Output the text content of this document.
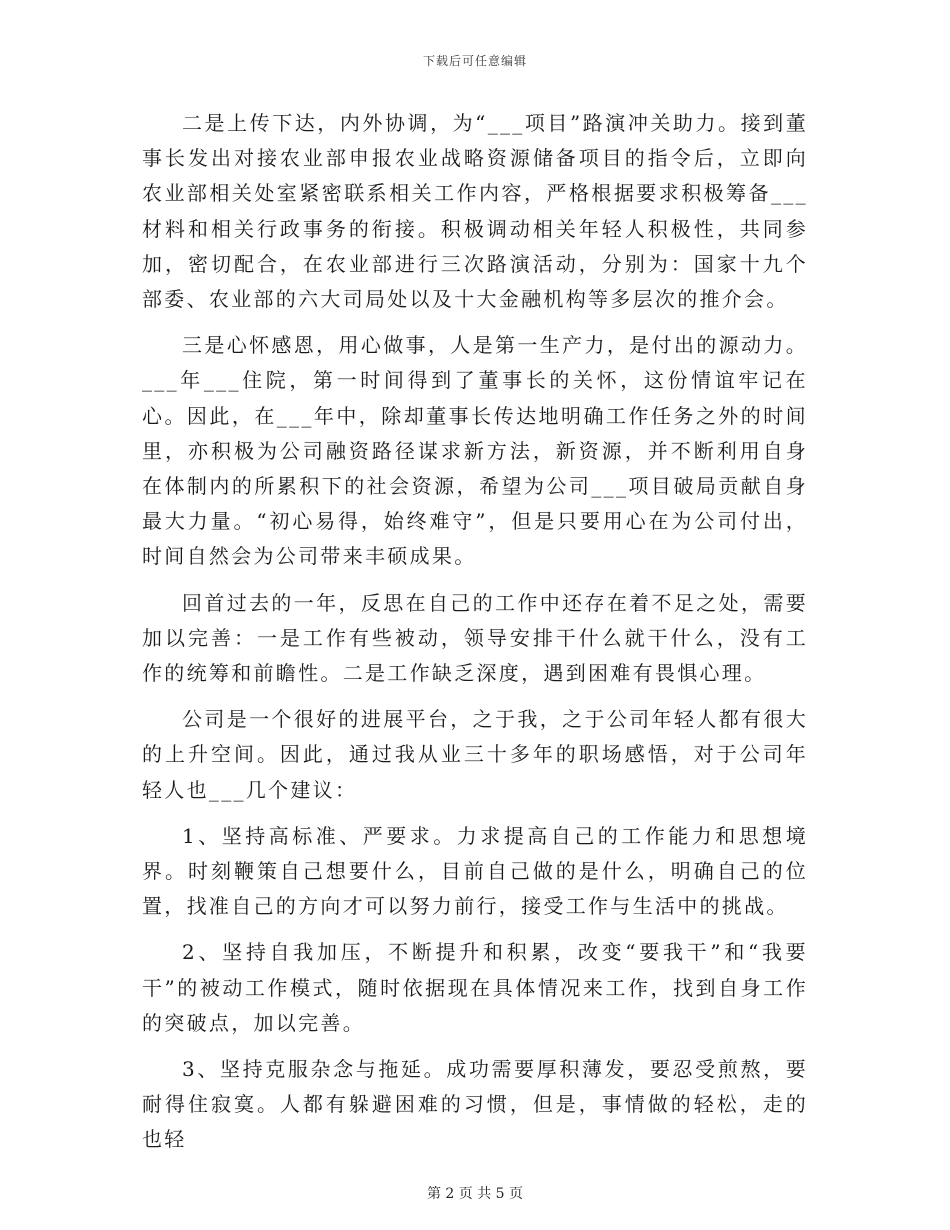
下载后可任意编辑

二是上传下达，内外协调，为“___项目”路演冲关助力。接到董事长发出对接农业部申报农业战略资源储备项目的指令后，立即向农业部相关处室紧密联系相关工作内容，严格根据要求积极筹备___材料和相关行政事务的衔接。积极调动相关年轻人积极性，共同参加，密切配合，在农业部进行三次路演活动，分别为：国家十九个部委、农业部的六大司局处以及十大金融机构等多层次的推介会。

三是心怀感恩，用心做事，人是第一生产力，是付出的源动力。___年___住院，第一时间得到了董事长的关怀，这份情谊牢记在心。因此，在___年中，除却董事长传达地明确工作任务之外的时间里，亦积极为公司融资路径谋求新方法，新资源，并不断利用自身在体制内的所累积下的社会资源，希望为公司___项目破局贡献自身最大力量。“初心易得，始终难守”，但是只要用心在为公司付出，时间自然会为公司带来丰硕成果。

回首过去的一年，反思在自己的工作中还存在着不足之处，需要加以完善：一是工作有些被动，领导安排干什么就干什么，没有工作的统筹和前瞻性。二是工作缺乏深度，遇到困难有畏惧心理。

公司是一个很好的进展平台，之于我，之于公司年轻人都有很大的上升空间。因此，通过我从业三十多年的职场感悟，对于公司年轻人也___几个建议：

1、坚持高标准、严要求。力求提高自己的工作能力和思想境界。时刻鞭策自己想要什么，目前自己做的是什么，明确自己的位置，找准自己的方向才可以努力前行，接受工作与生活中的挑战。

2、坚持自我加压，不断提升和积累，改变“要我干”和“我要干”的被动工作模式，随时依据现在具体情况来工作，找到自身工作的突破点，加以完善。

3、坚持克服杂念与拖延。成功需要厚积薄发，要忍受煎熬，要耐得住寂寞。人都有躲避困难的习惯，但是，事情做的轻松，走的也轻

第 2 页 共 5 页
